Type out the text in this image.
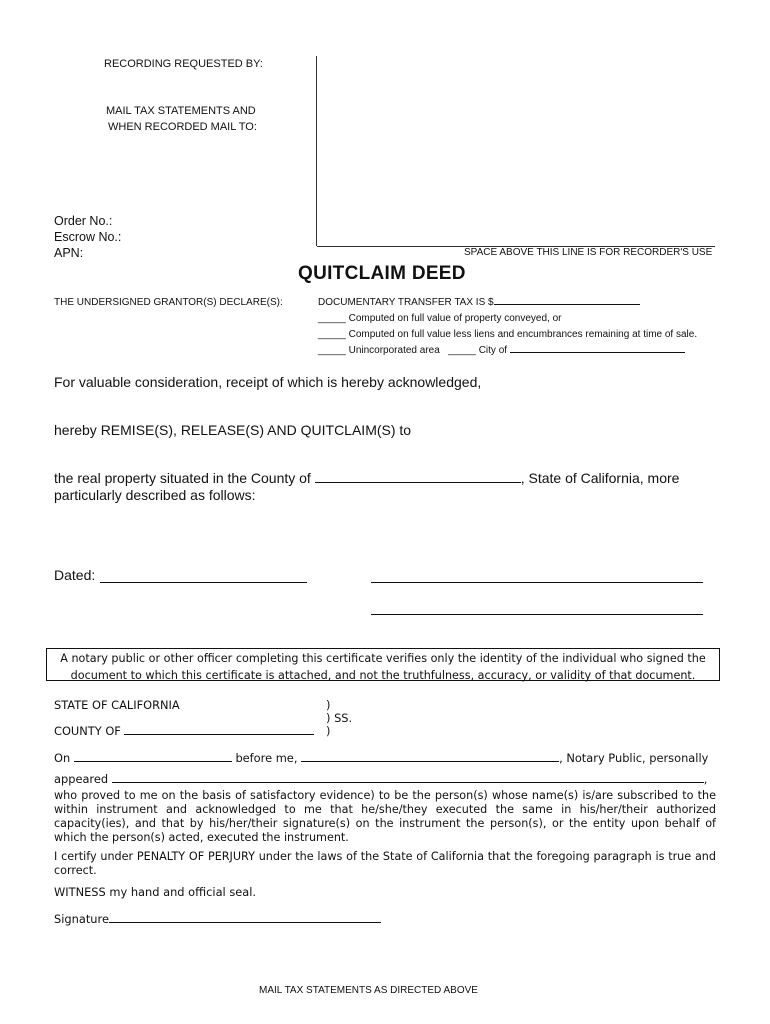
RECORDING REQUESTED BY:
MAIL TAX STATEMENTS AND
WHEN RECORDED MAIL TO:
Order No.:
Escrow No.:
APN:	SPACE ABOVE THIS LINE IS FOR RECORDER'S USE
QUITCLAIM DEED
THE UNDERSIGNED GRANTOR(S) DECLARE(S):	DOCUMENTARY TRANSFER TAX IS $
_____ Computed on full value of property conveyed, or
_____ Computed on full value less liens and encumbrances remaining at time of sale.
_____ Unincorporated area _____ City of
For valuable consideration, receipt of which is hereby acknowledged,
hereby REMISE(S), RELEASE(S) AND QUITCLAIM(S) to
the real property situated in the County of	, State of California, more
particularly described as follows:
Dated:

A notary public or other officer completing this certificate verifies only the identity of the individual who signed the

document to which this certificate is attached, and not the truthfulness, accuracy, or validity of that document.

STATE OF CALIFORNIA	)
) SS.
COUNTY OF	)
On	before me,	, Notary Public, personally
appeared	,
who proved to me on the basis of satisfactory evidence) to be the person(s) whose name(s) is/are subscribed to the within instrument and acknowledged to me that he/she/they executed the same in his/her/their authorized capacity(ies), and that by his/her/their signature(s) on the instrument the person(s), or the entity upon behalf of which the person(s) acted, executed the instrument.
I certify under PENALTY OF PERJURY under the laws of the State of California that the foregoing paragraph is true and correct.
WITNESS my hand and official seal.
Signature
MAIL TAX STATEMENTS AS DIRECTED ABOVE
